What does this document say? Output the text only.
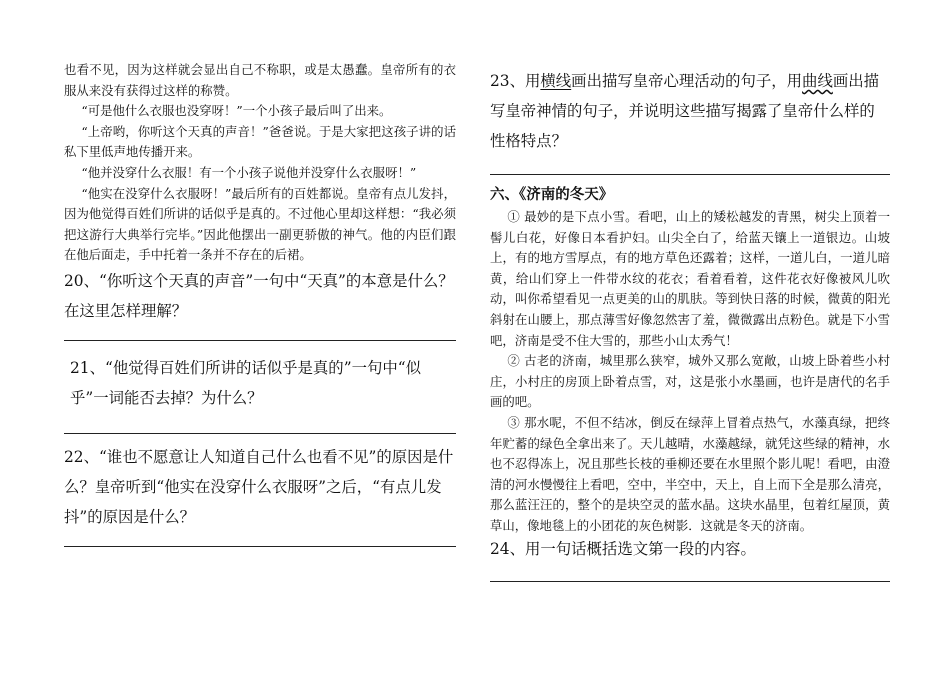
也看不见，因为这样就会显出自己不称职，或是太愚蠢。皇帝所有的衣服从来没有获得过这样的称赞。

“可是他什么衣服也没穿呀！”一个小孩子最后叫了出来。

“上帝哟，你听这个天真的声音！”爸爸说。于是大家把这孩子讲的话私下里低声地传播开来。

“他并没穿什么衣服！有一个小孩子说他并没穿什么衣服呀！”

“他实在没穿什么衣服呀！”最后所有的百姓都说。皇帝有点儿发抖，因为他觉得百姓们所讲的话似乎是真的。不过他心里却这样想：“我必须把这游行大典举行完毕。”因此他摆出一副更骄傲的神气。他的内臣们跟在他后面走，手中托着一条并不存在的后裙。

20、“你听这个天真的声音”一句中“天真”的本意是什么？在这里怎样理解？

21、“他觉得百姓们所讲的话似乎是真的”一句中“似乎”一词能否去掉？为什么？

22、“谁也不愿意让人知道自己什么也看不见”的原因是什么？皇帝听到“他实在没穿什么衣服呀”之后，“有点儿发抖”的原因是什么？

23、用横线画出描写皇帝心理活动的句子，用曲线画出描写皇帝神情的句子，并说明这些描写揭露了皇帝什么样的性格特点？

六、《济南的冬天》

① 最妙的是下点小雪。看吧，山上的矮松越发的青黑，树尖上顶着一髻儿白花，好像日本看护妇。山尖全白了，给蓝天镶上一道银边。山坡上，有的地方雪厚点，有的地方草色还露着；这样，一道儿白，一道儿暗黄，给山们穿上一件带水纹的花衣；看着看着，这件花衣好像被风儿吹动，叫你希望看见一点更美的山的肌肤。等到快日落的时候，微黄的阳光斜射在山腰上，那点薄雪好像忽然害了羞，微微露出点粉色。就是下小雪吧，济南是受不住大雪的，那些小山太秀气！

② 古老的济南，城里那么狭窄，城外又那么宽敞，山坡上卧着些小村庄，小村庄的房顶上卧着点雪，对，这是张小水墨画，也许是唐代的名手画的吧。

③ 那水呢，不但不结冰，倒反在绿萍上冒着点热气，水藻真绿，把终年贮蓄的绿色全拿出来了。天儿越晴，水藻越绿，就凭这些绿的精神，水也不忍得冻上，况且那些长枝的垂柳还要在水里照个影儿呢！看吧，由澄清的河水慢慢往上看吧，空中，半空中，天上，自上而下全是那么清亮，那么蓝汪汪的，整个的是块空灵的蓝水晶。这块水晶里，包着红屋顶，黄草山，像地毯上的小团花的灰色树影．这就是冬天的济南。

24、用一句话概括选文第一段的内容。
